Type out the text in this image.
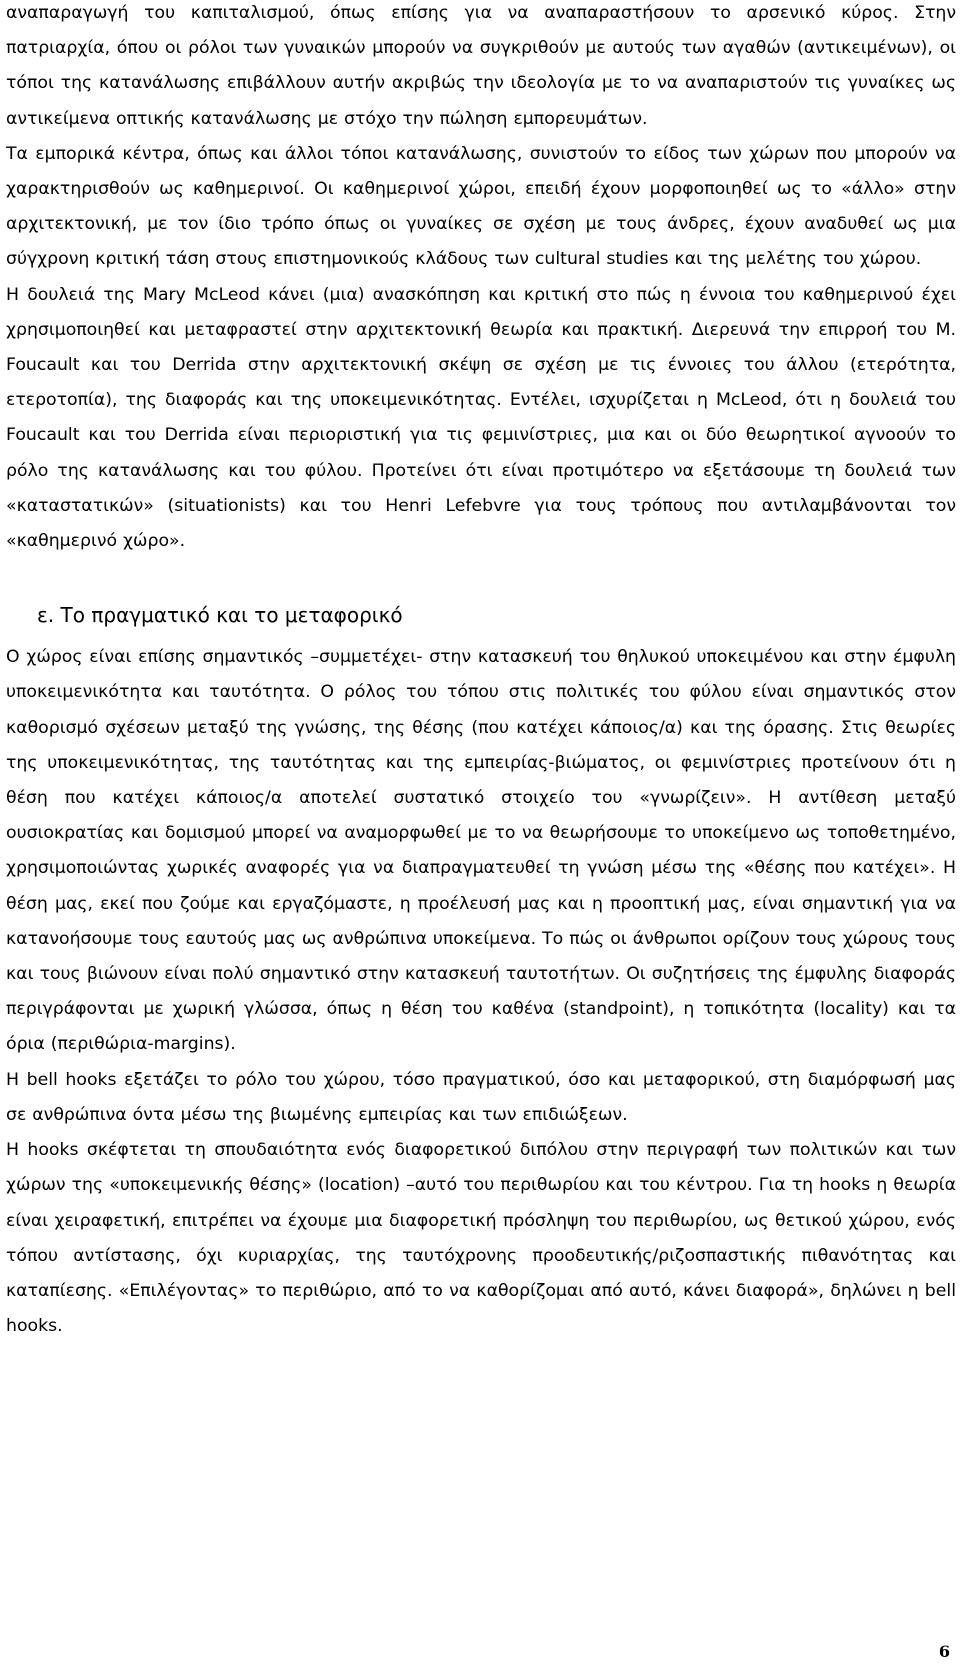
αναπαραγωγή του καπιταλισμού, όπως επίσης για να αναπαραστήσουν το αρσενικό κύρος. Στην πατριαρχία, όπου οι ρόλοι των γυναικών μπορούν να συγκριθούν με αυτούς των αγαθών (αντικειμένων), οι τόποι της κατανάλωσης επιβάλλουν αυτήν ακριβώς την ιδεολογία με το να αναπαριστούν τις γυναίκες ως αντικείμενα οπτικής κατανάλωσης με στόχο την πώληση εμπορευμάτων.

Τα εμπορικά κέντρα, όπως και άλλοι τόποι κατανάλωσης, συνιστούν το είδος των χώρων που μπορούν να χαρακτηρισθούν ως καθημερινοί. Οι καθημερινοί χώροι, επειδή έχουν μορφοποιηθεί ως το «άλλο» στην αρχιτεκτονική, με τον ίδιο τρόπο όπως οι γυναίκες σε σχέση με τους άνδρες, έχουν αναδυθεί ως μια σύγχρονη κριτική τάση στους επιστημονικούς κλάδους των cultural studies και της μελέτης του χώρου.

Η δουλειά της Mary McLeod κάνει (μια) ανασκόπηση και κριτική στο πώς η έννοια του καθημερινού έχει χρησιμοποιηθεί και μεταφραστεί στην αρχιτεκτονική θεωρία και πρακτική. Διερευνά την επιρροή του Μ. Foucault και του Derrida στην αρχιτεκτονική σκέψη σε σχέση με τις έννοιες του άλλου (ετερότητα, ετεροτοπία), της διαφοράς και της υποκειμενικότητας. Εντέλει, ισχυρίζεται η McLeod, ότι η δουλειά του Foucault και του Derrida είναι περιοριστική για τις φεμινίστριες, μια και οι δύο θεωρητικοί αγνοούν το ρόλο της κατανάλωσης και του φύλου. Προτείνει ότι είναι προτιμότερο να εξετάσουμε τη δουλειά των «καταστατικών» (situationists) και του Henri Lefebvre για τους τρόπους που αντιλαμβάνονται τον «καθημερινό χώρο».

ε. Το πραγματικό και το μεταφορικό

Ο χώρος είναι επίσης σημαντικός –συμμετέχει- στην κατασκευή του θηλυκού υποκειμένου και στην έμφυλη υποκειμενικότητα και ταυτότητα. Ο ρόλος του τόπου στις πολιτικές του φύλου είναι σημαντικός στον καθορισμό σχέσεων μεταξύ της γνώσης, της θέσης (που κατέχει κάποιος/α) και της όρασης. Στις θεωρίες της υποκειμενικότητας, της ταυτότητας και της εμπειρίας-βιώματος, οι φεμινίστριες προτείνουν ότι η θέση που κατέχει κάποιος/α αποτελεί συστατικό στοιχείο του «γνωρίζειν». Η αντίθεση μεταξύ ουσιοκρατίας και δομισμού μπορεί να αναμορφωθεί με το να θεωρήσουμε το υποκείμενο ως τοποθετημένο, χρησιμοποιώντας χωρικές αναφορές για να διαπραγματευθεί τη γνώση μέσω της «θέσης που κατέχει». Η θέση μας, εκεί που ζούμε και εργαζόμαστε, η προέλευσή μας και η προοπτική μας, είναι σημαντική για να κατανοήσουμε τους εαυτούς μας ως ανθρώπινα υποκείμενα. Το πώς οι άνθρωποι ορίζουν τους χώρους τους και τους βιώνουν είναι πολύ σημαντικό στην κατασκευή ταυτοτήτων. Οι συζητήσεις της έμφυλης διαφοράς περιγράφονται με χωρική γλώσσα, όπως η θέση του καθένα (standpoint), η τοπικότητα (locality) και τα όρια (περιθώρια-margins).

Η bell hooks εξετάζει το ρόλο του χώρου, τόσο πραγματικού, όσο και μεταφορικού, στη διαμόρφωσή μας σε ανθρώπινα όντα μέσω της βιωμένης εμπειρίας και των επιδιώξεων.

Η hooks σκέφτεται τη σπουδαιότητα ενός διαφορετικού διπόλου στην περιγραφή των πολιτικών και των χώρων της «υποκειμενικής θέσης» (location) –αυτό του περιθωρίου και του κέντρου. Για τη hooks η θεωρία είναι χειραφετική, επιτρέπει να έχουμε μια διαφορετική πρόσληψη του περιθωρίου, ως θετικού χώρου, ενός τόπου αντίστασης, όχι κυριαρχίας, της ταυτόχρονης προοδευτικής/ριζοσπαστικής πιθανότητας και καταπίεσης. «Επιλέγοντας» το περιθώριο, από το να καθορίζομαι από αυτό, κάνει διαφορά», δηλώνει η bell hooks.

6
